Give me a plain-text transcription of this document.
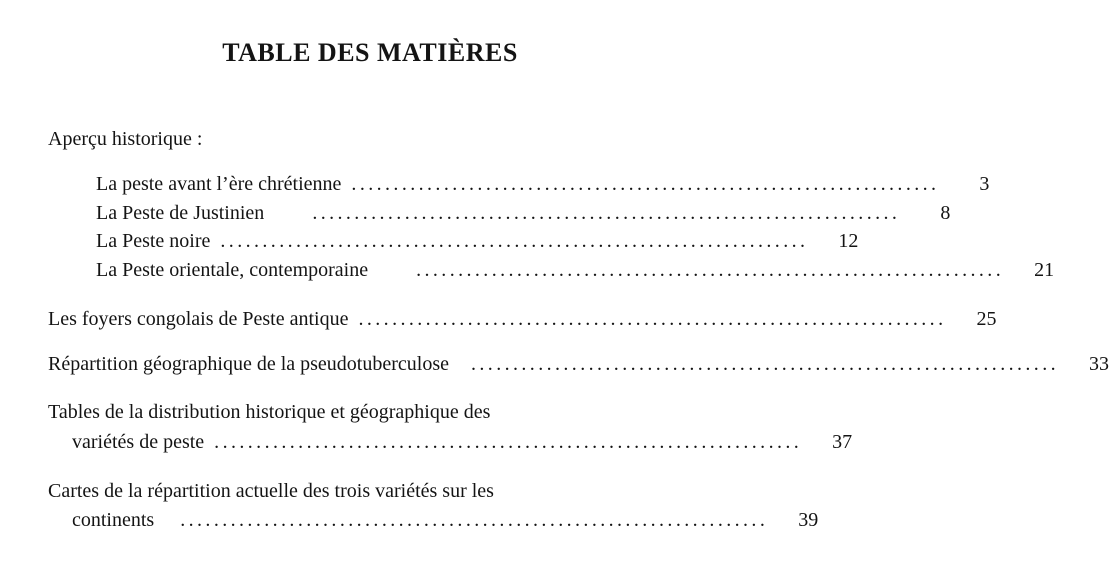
TABLE DES MATIÈRES
Aperçu historique :
La peste avant l’ère chrétienne ......................................................................	3
La Peste de Justinien ......................................................................	8
La Peste noire ......................................................................	12
La Peste orientale, contemporaine ......................................................................	21
Les foyers congolais de Peste antique ......................................................................	25
Répartition géographique de la pseudotuberculose ......................................................................	33
Tables de la distribution historique et géographique des
variétés de peste ......................................................................	37
Cartes de la répartition actuelle des trois variétés sur les
continents ......................................................................	39
